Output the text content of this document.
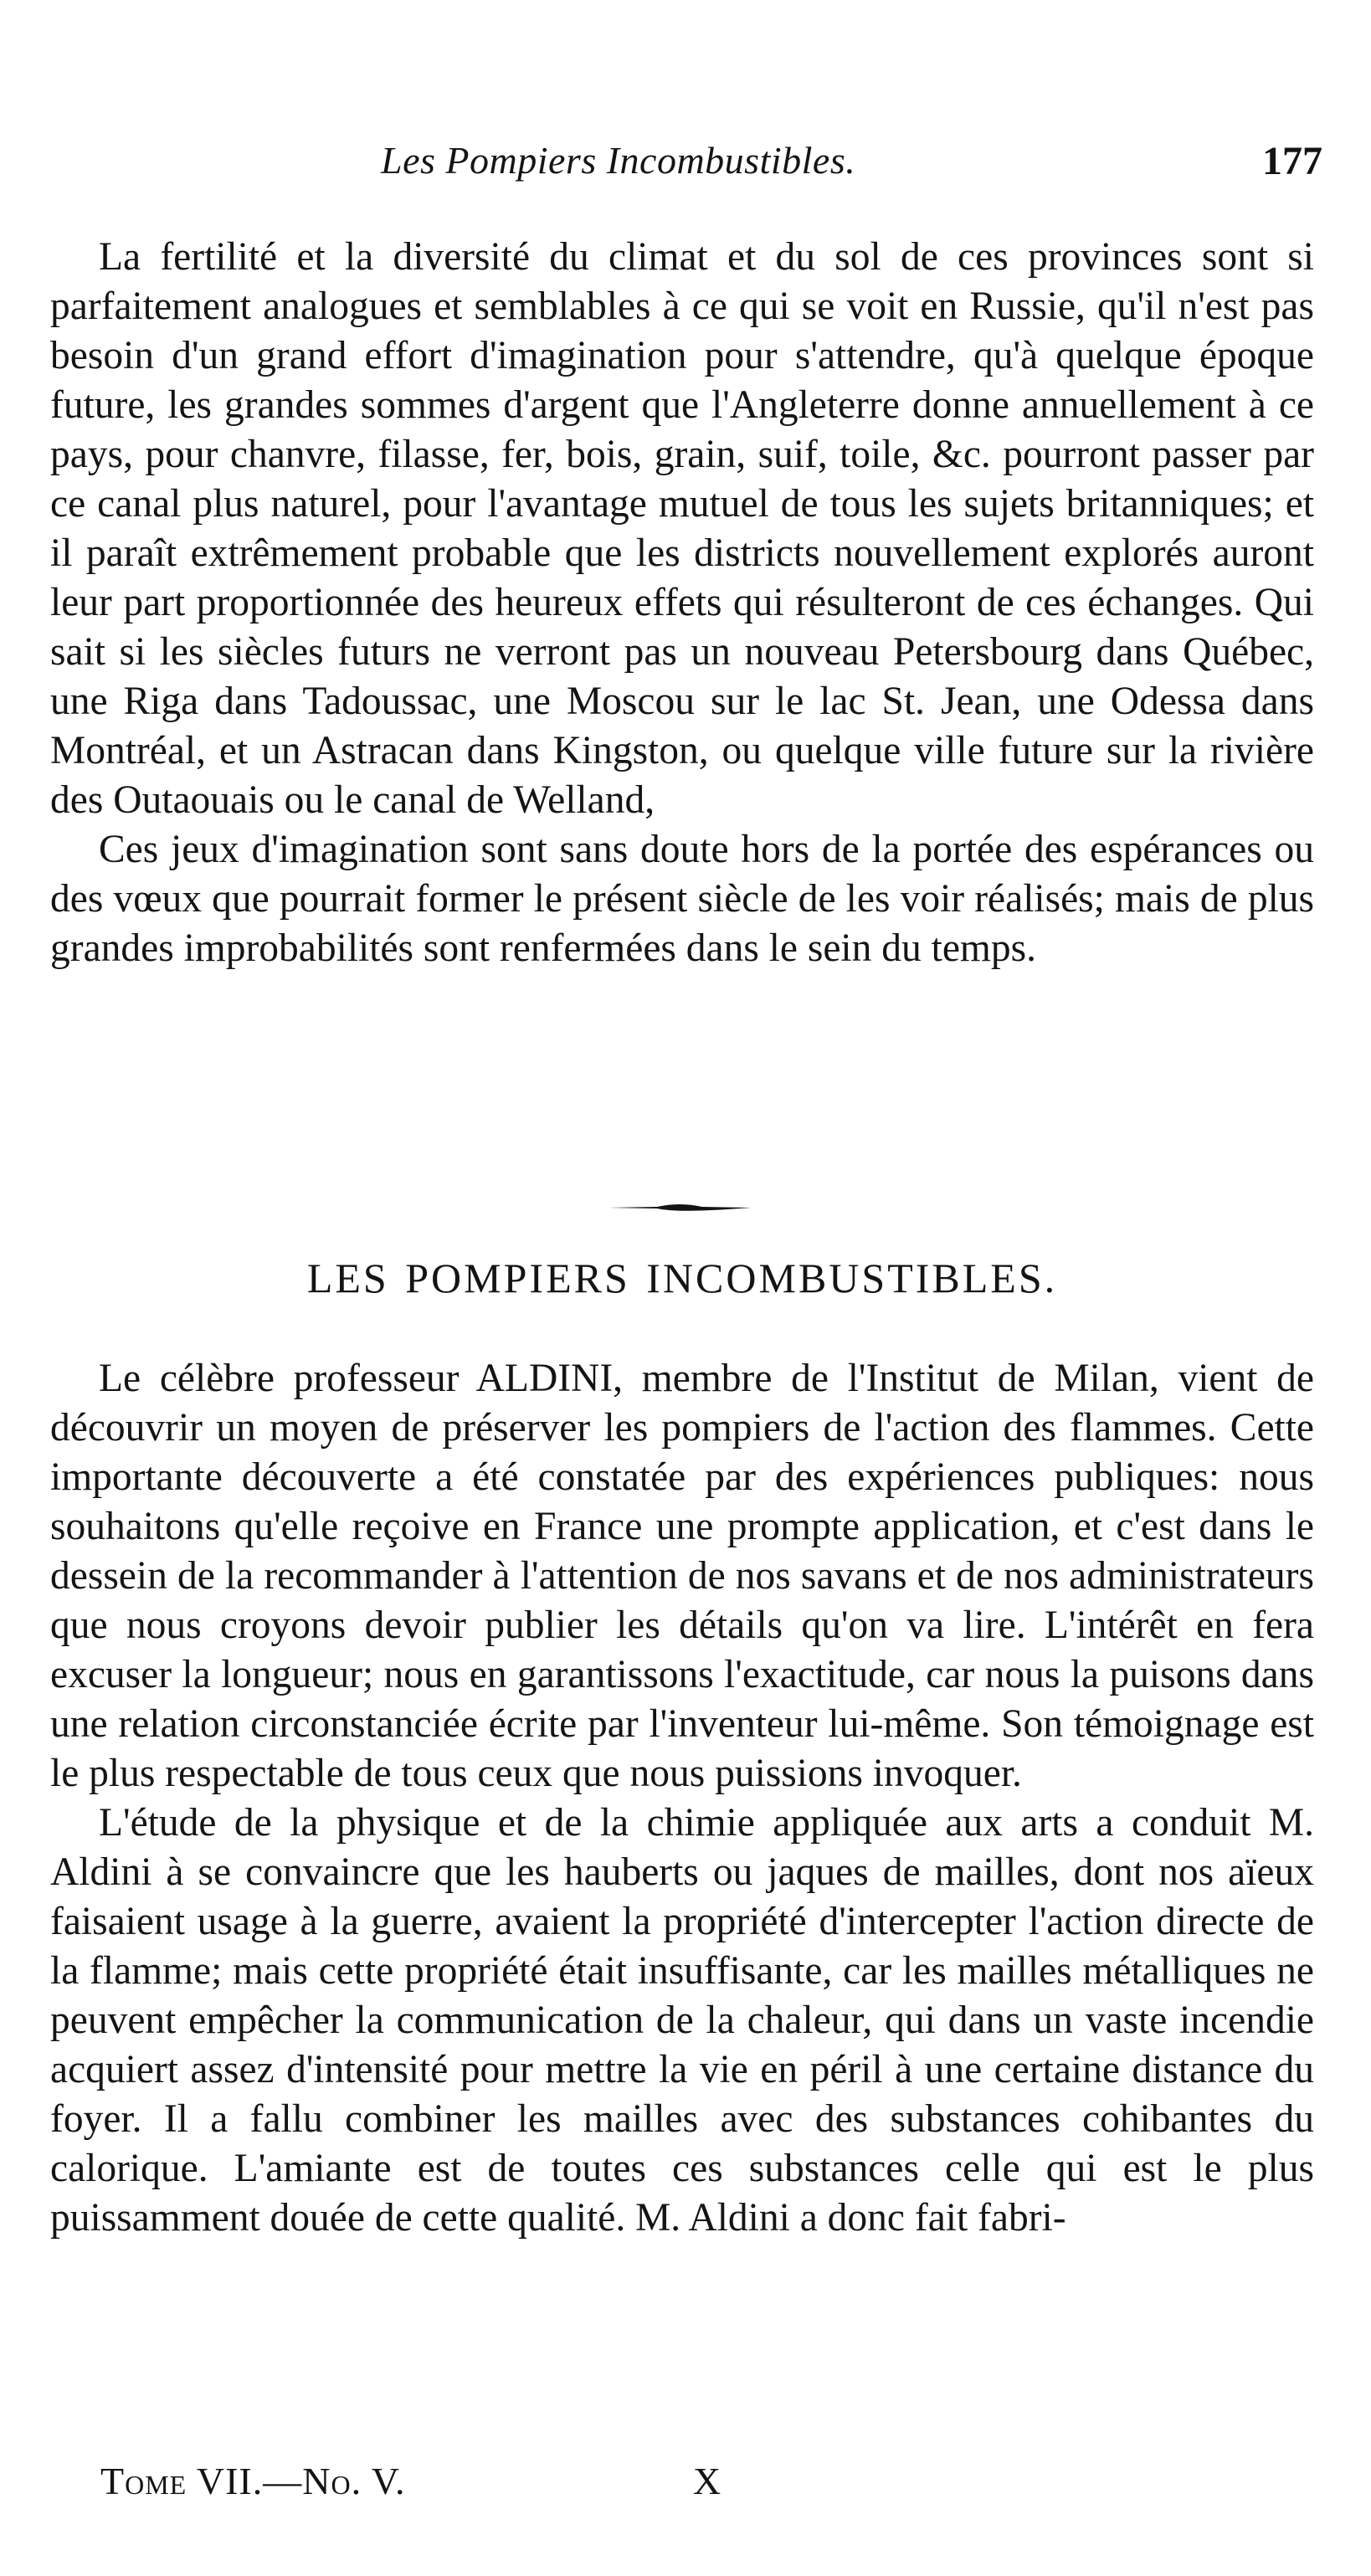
Les Pompiers Incombustibles.	177

La fertilité et la diversité du climat et du sol de ces provinces sont si parfaitement analogues et semblables à ce qui se voit en Russie, qu'il n'est pas besoin d'un grand effort d'imagination pour s'attendre, qu'à quelque époque future, les grandes sommes d'argent que l'Angleterre donne annuellement à ce pays, pour chanvre, filasse, fer, bois, grain, suif, toile, &c. pourront passer par ce canal plus naturel, pour l'avantage mutuel de tous les sujets britanniques; et il paraît extrêmement probable que les districts nouvellement explorés auront leur part proportionnée des heureux effets qui résulteront de ces échanges. Qui sait si les siècles futurs ne verront pas un nouveau Petersbourg dans Québec, une Riga dans Tadoussac, une Moscou sur le lac St. Jean, une Odessa dans Montréal, et un Astracan dans Kingston, ou quelque ville future sur la rivière des Outaouais ou le canal de Welland,

Ces jeux d'imagination sont sans doute hors de la portée des espérances ou des vœux que pourrait former le présent siècle de les voir réalisés; mais de plus grandes improbabilités sont renfermées dans le sein du temps.

LES POMPIERS INCOMBUSTIBLES.

Le célèbre professeur ALDINI, membre de l'Institut de Milan, vient de découvrir un moyen de préserver les pompiers de l'action des flammes. Cette importante découverte a été constatée par des expériences publiques: nous souhaitons qu'elle reçoive en France une prompte application, et c'est dans le dessein de la recommander à l'attention de nos savans et de nos administrateurs que nous croyons devoir publier les détails qu'on va lire. L'intérêt en fera excuser la longueur; nous en garantissons l'exactitude, car nous la puisons dans une relation circonstanciée écrite par l'inventeur lui-même. Son témoignage est le plus respectable de tous ceux que nous puissions invoquer.

L'étude de la physique et de la chimie appliquée aux arts a conduit M. Aldini à se convaincre que les hauberts ou jaques de mailles, dont nos aïeux faisaient usage à la guerre, avaient la propriété d'intercepter l'action directe de la flamme; mais cette propriété était insuffisante, car les mailles métalliques ne peuvent empêcher la communication de la chaleur, qui dans un vaste incendie acquiert assez d'intensité pour mettre la vie en péril à une certaine distance du foyer. Il a fallu combiner les mailles avec des substances cohibantes du calorique. L'amiante est de toutes ces substances celle qui est le plus puissamment douée de cette qualité. M. Aldini a donc fait fabri-

Tome VII.—No. V.	X
